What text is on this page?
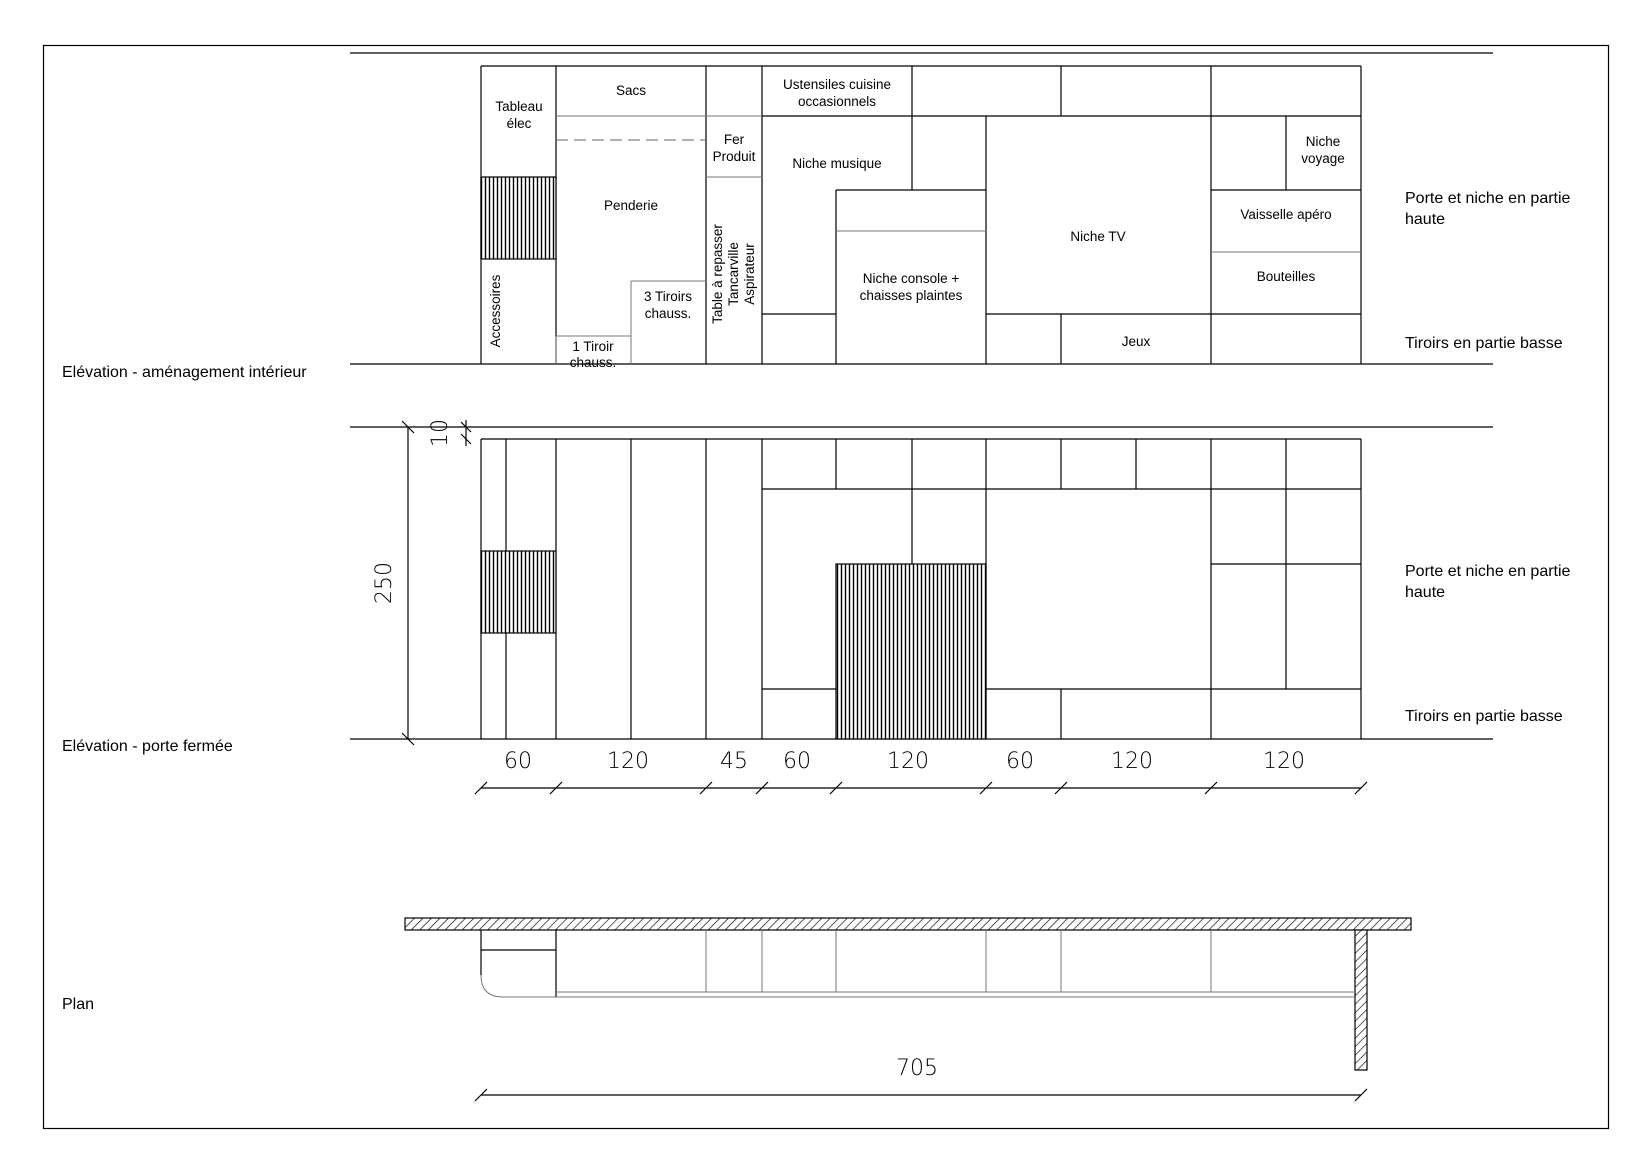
Tableau élec
Accessoires
Sacs
Penderie
1 Tiroir chauss.
3 Tiroirs chauss.
Fer Produit
Table à repasserTancarvilleAspirateur
Ustensiles cuisine occasionnels
Niche musique
Niche console + chaisses plaintes
Niche TV
Jeux
Niche voyage
Vaisselle apéro
Bouteilles
Elévation - aménagement intérieur
Porte et niche en partie haute
Tiroirs en partie basse
250
10
Elévation - porte fermée
Porte et niche en partie haute
Tiroirs en partie basse
60	120	45 60	120	60	120	120
705
Plan
